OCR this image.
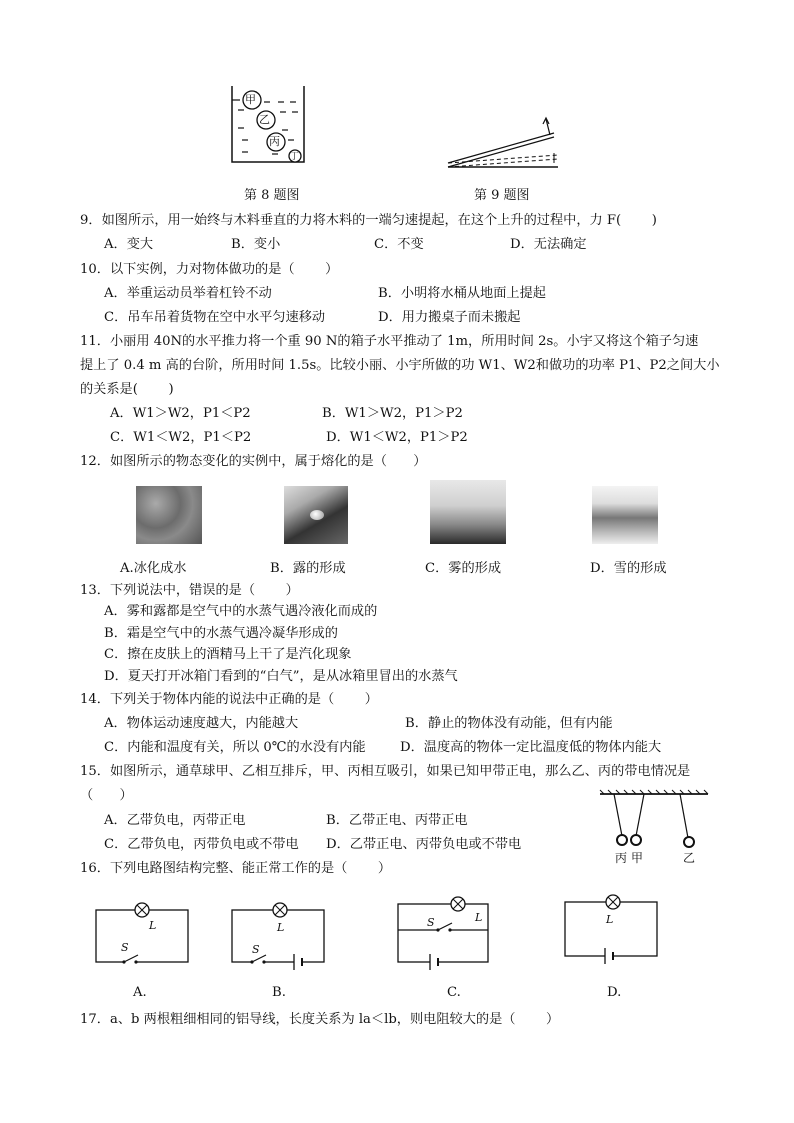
甲
乙
丙
丁
第 8 题图	第 9 题图
9．如图所示，用一始终与木料垂直的力将木料的一端匀速提起，在这个上升的过程中，力 F(　　 )
A．变大	B．变小	C．不变	D．无法确定
10．以下实例，力对物体做功的是（　　 ）
A．举重运动员举着杠铃不动	B．小明将水桶从地面上提起
C．吊车吊着货物在空中水平匀速移动	D．用力搬桌子而未搬起
11．小丽用 40N的水平推力将一个重 90 N的箱子水平推动了 1m，所用时间 2s。小宇又将这个箱子匀速
提上了 0.4 m 高的台阶，所用时间 1.5s。比较小丽、小宇所做的功 W1、W2和做功的功率 P1、P2之间大小
的关系是(　　 )
A．W1＞W2，P1＜P2	B．W1＞W2，P1＞P2
C．W1＜W2，P1＜P2	D．W1＜W2，P1＞P2
12．如图所示的物态变化的实例中，属于熔化的是（　　）
A.冰化成水	B．露的形成	C．雾的形成	D．雪的形成
13．下列说法中，错误的是（　　 ）
A．雾和露都是空气中的水蒸气遇冷液化而成的
B．霜是空气中的水蒸气遇冷凝华形成的
C．擦在皮肤上的酒精马上干了是汽化现象
D．夏天打开冰箱门看到的“白气”，是从冰箱里冒出的水蒸气
14．下列关于物体内能的说法中正确的是（　　 ）
A．物体运动速度越大，内能越大	B．静止的物体没有动能，但有内能
C．内能和温度有关，所以 0℃的水没有内能	D．温度高的物体一定比温度低的物体内能大
15．如图所示，通草球甲、乙相互排斥，甲、丙相互吸引，如果已知甲带正电，那么乙、丙的带电情况是
（　　）
A．乙带负电，丙带正电	B．乙带正电、丙带正电
C．乙带负电，丙带负电或不带电 D．乙带正电、丙带负电或不带电
丙 甲	乙
16．下列电路图结构完整、能正常工作的是（　　 ）
L
S
L
S
L
S	L
A.	B.	C.	D.
17．a、b 两根粗细相同的铝导线，长度关系为 la＜lb，则电阻较大的是（　　 ）
